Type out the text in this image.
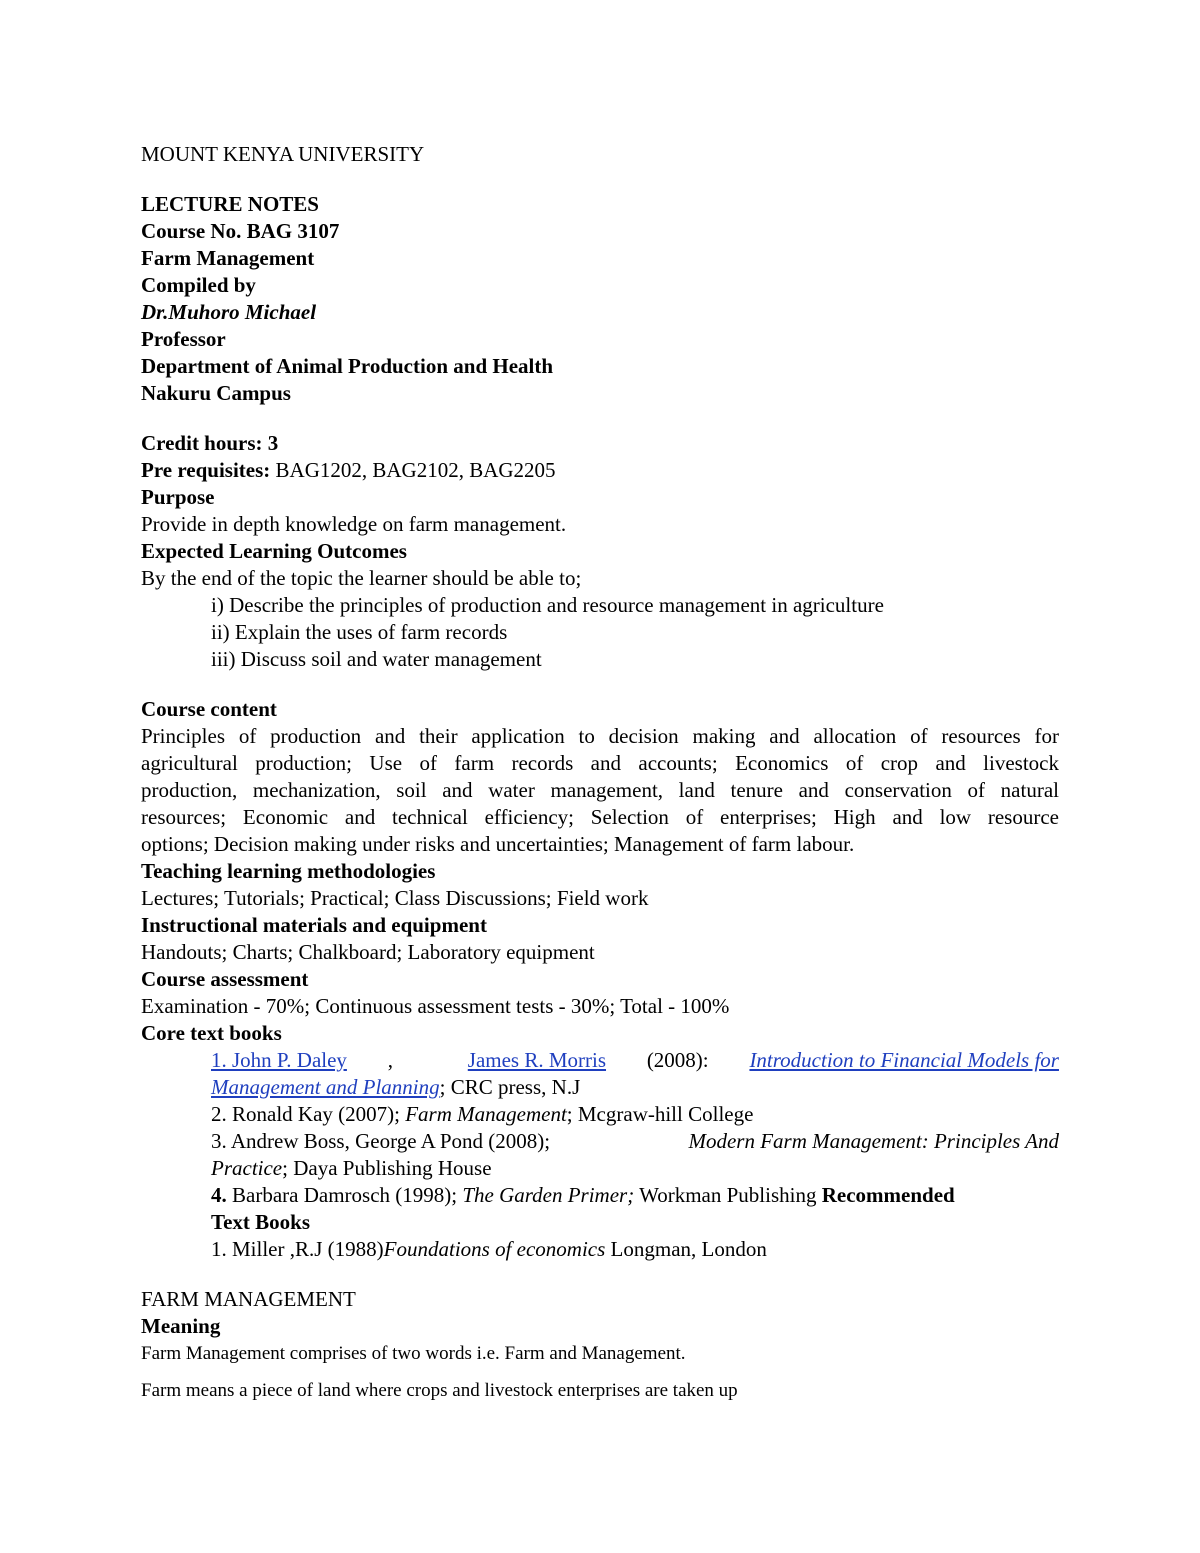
MOUNT KENYA UNIVERSITY
LECTURE NOTES
Course No. BAG 3107
Farm Management
Compiled by
Dr.Muhoro Michael
Professor
Department of Animal Production and Health
Nakuru Campus
Credit hours: 3
Pre requisites: BAG1202, BAG2102, BAG2205
Purpose
Provide in depth knowledge on farm management.
Expected Learning Outcomes
By the end of the topic the learner should be able to;
i) Describe the principles of production and resource management in agriculture
ii) Explain the uses of farm records
iii) Discuss soil and water management
Course content
Principles of production and their application to decision making and allocation of resources for
agricultural production; Use of farm records and accounts; Economics of crop and livestock
production, mechanization, soil and water management, land tenure and conservation of natural
resources; Economic and technical efficiency; Selection of enterprises; High and low resource
options; Decision making under risks and uncertainties; Management of farm labour.
Teaching learning methodologies
Lectures; Tutorials; Practical; Class Discussions; Field work
Instructional materials and equipment
Handouts; Charts; Chalkboard; Laboratory equipment
Course assessment
Examination - 70%; Continuous assessment tests - 30%; Total - 100%
Core text books
1. John P. Daley ,	James R. Morris (2008): Introduction to Financial Models for
Management and Planning; CRC press, N.J
2. Ronald Kay (2007); Farm Management; Mcgraw-hill College
3. Andrew Boss, George A Pond (2008);	Modern Farm Management: Principles And
Practice; Daya Publishing House
4. Barbara Damrosch (1998); The Garden Primer; Workman Publishing Recommended
Text Books
1. Miller ,R.J (1988)Foundations of economics Longman, London
FARM MANAGEMENT
Meaning
Farm Management comprises of two words i.e. Farm and Management.
Farm means a piece of land where crops and livestock enterprises are taken up
